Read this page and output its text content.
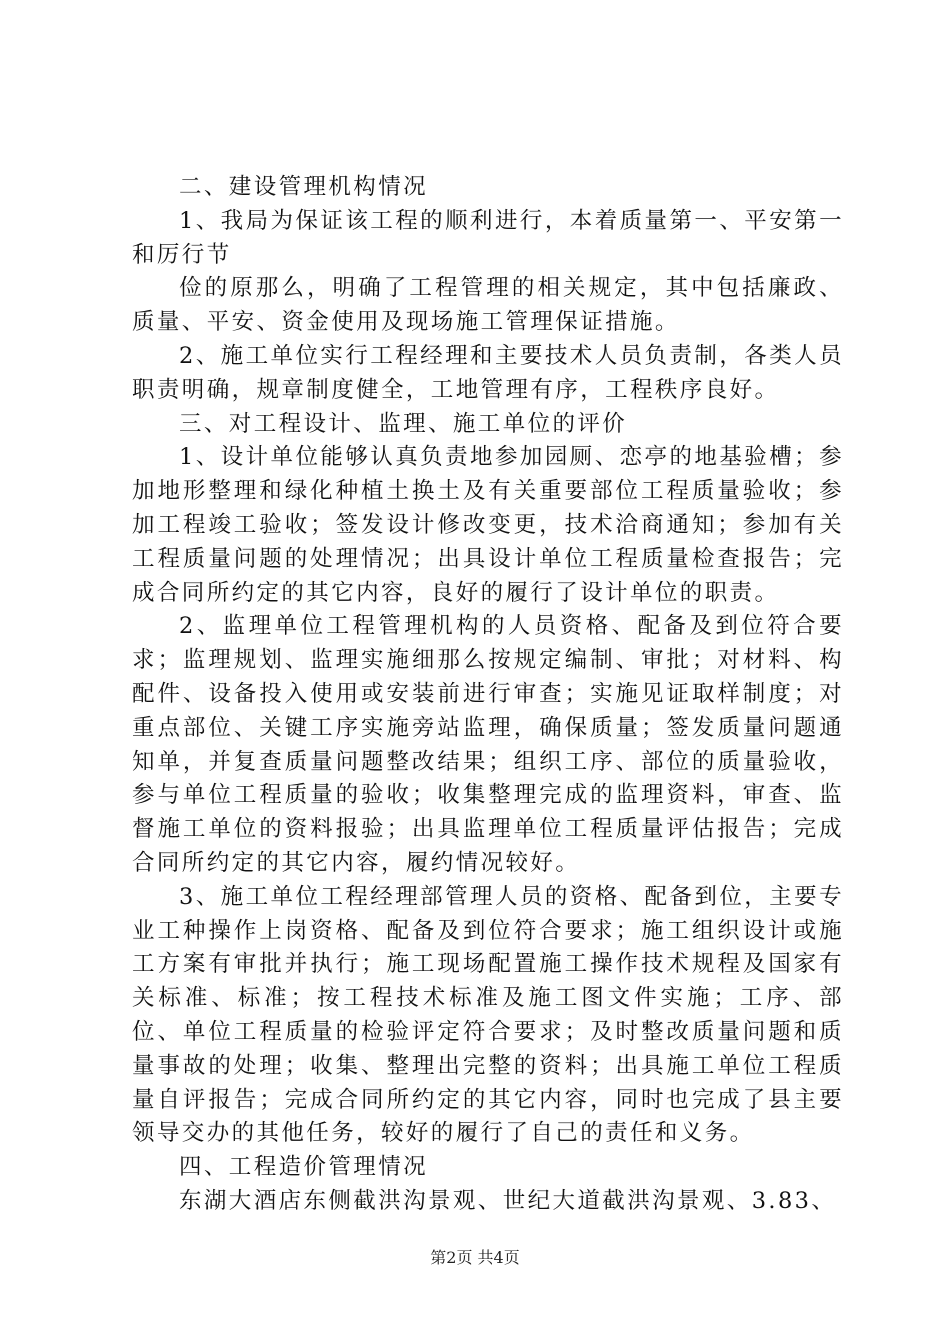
二、建设管理机构情况

1、我局为保证该工程的顺利进行，本着质量第一、平安第一和厉行节

俭的原那么，明确了工程管理的相关规定，其中包括廉政、质量、平安、资金使用及现场施工管理保证措施。

2、施工单位实行工程经理和主要技术人员负责制，各类人员职责明确，规章制度健全，工地管理有序，工程秩序良好。

三、对工程设计、监理、施工单位的评价

1、设计单位能够认真负责地参加园厕、恋亭的地基验槽；参加地形整理和绿化种植土换土及有关重要部位工程质量验收；参加工程竣工验收；签发设计修改变更，技术洽商通知；参加有关工程质量问题的处理情况；出具设计单位工程质量检查报告；完成合同所约定的其它内容，良好的履行了设计单位的职责。

2、监理单位工程管理机构的人员资格、配备及到位符合要求；监理规划、监理实施细那么按规定编制、审批；对材料、构配件、设备投入使用或安装前进行审查；实施见证取样制度；对重点部位、关键工序实施旁站监理，确保质量；签发质量问题通知单，并复查质量问题整改结果；组织工序、部位的质量验收，参与单位工程质量的验收；收集整理完成的监理资料，审查、监督施工单位的资料报验；出具监理单位工程质量评估报告；完成合同所约定的其它内容，履约情况较好。

3、施工单位工程经理部管理人员的资格、配备到位，主要专业工种操作上岗资格、配备及到位符合要求；施工组织设计或施工方案有审批并执行；施工现场配置施工操作技术规程及国家有关标准、标准；按工程技术标准及施工图文件实施；工序、部位、单位工程质量的检验评定符合要求；及时整改质量问题和质量事故的处理；收集、整理出完整的资料；出具施工单位工程质量自评报告；完成合同所约定的其它内容，同时也完成了县主要领导交办的其他任务，较好的履行了自己的责任和义务。

四、工程造价管理情况

东湖大酒店东侧截洪沟景观、世纪大道截洪沟景观、3.83、

第2页 共4页
